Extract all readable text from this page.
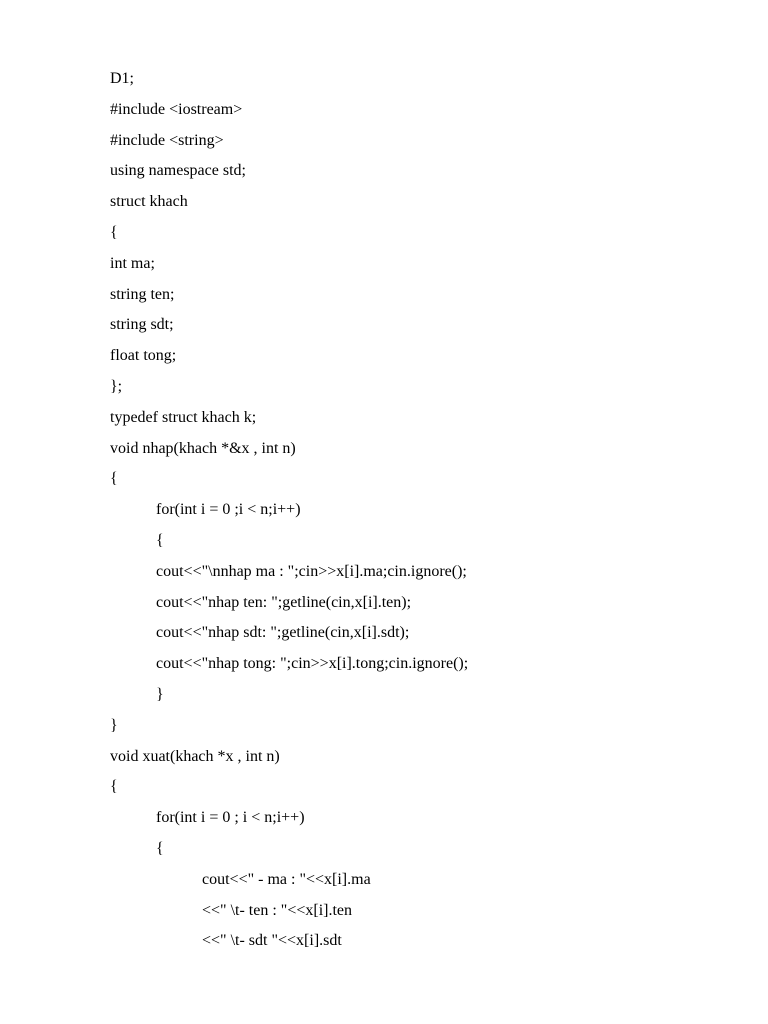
D1;
#include <iostream>
#include <string>
using namespace std;
struct khach
{
int ma;
string ten;
string sdt;
float tong;
};
typedef struct khach k;
void nhap(khach *&x , int n)
{
for(int i = 0 ;i < n;i++)
{
cout<<"\nnhap ma : ";cin>>x[i].ma;cin.ignore();
cout<<"nhap ten: ";getline(cin,x[i].ten);
cout<<"nhap sdt: ";getline(cin,x[i].sdt);
cout<<"nhap tong: ";cin>>x[i].tong;cin.ignore();
}
}
void xuat(khach *x , int n)
{
for(int i = 0 ; i < n;i++)
{
cout<<" - ma : "<<x[i].ma
<<" \t- ten : "<<x[i].ten
<<" \t- sdt "<<x[i].sdt
